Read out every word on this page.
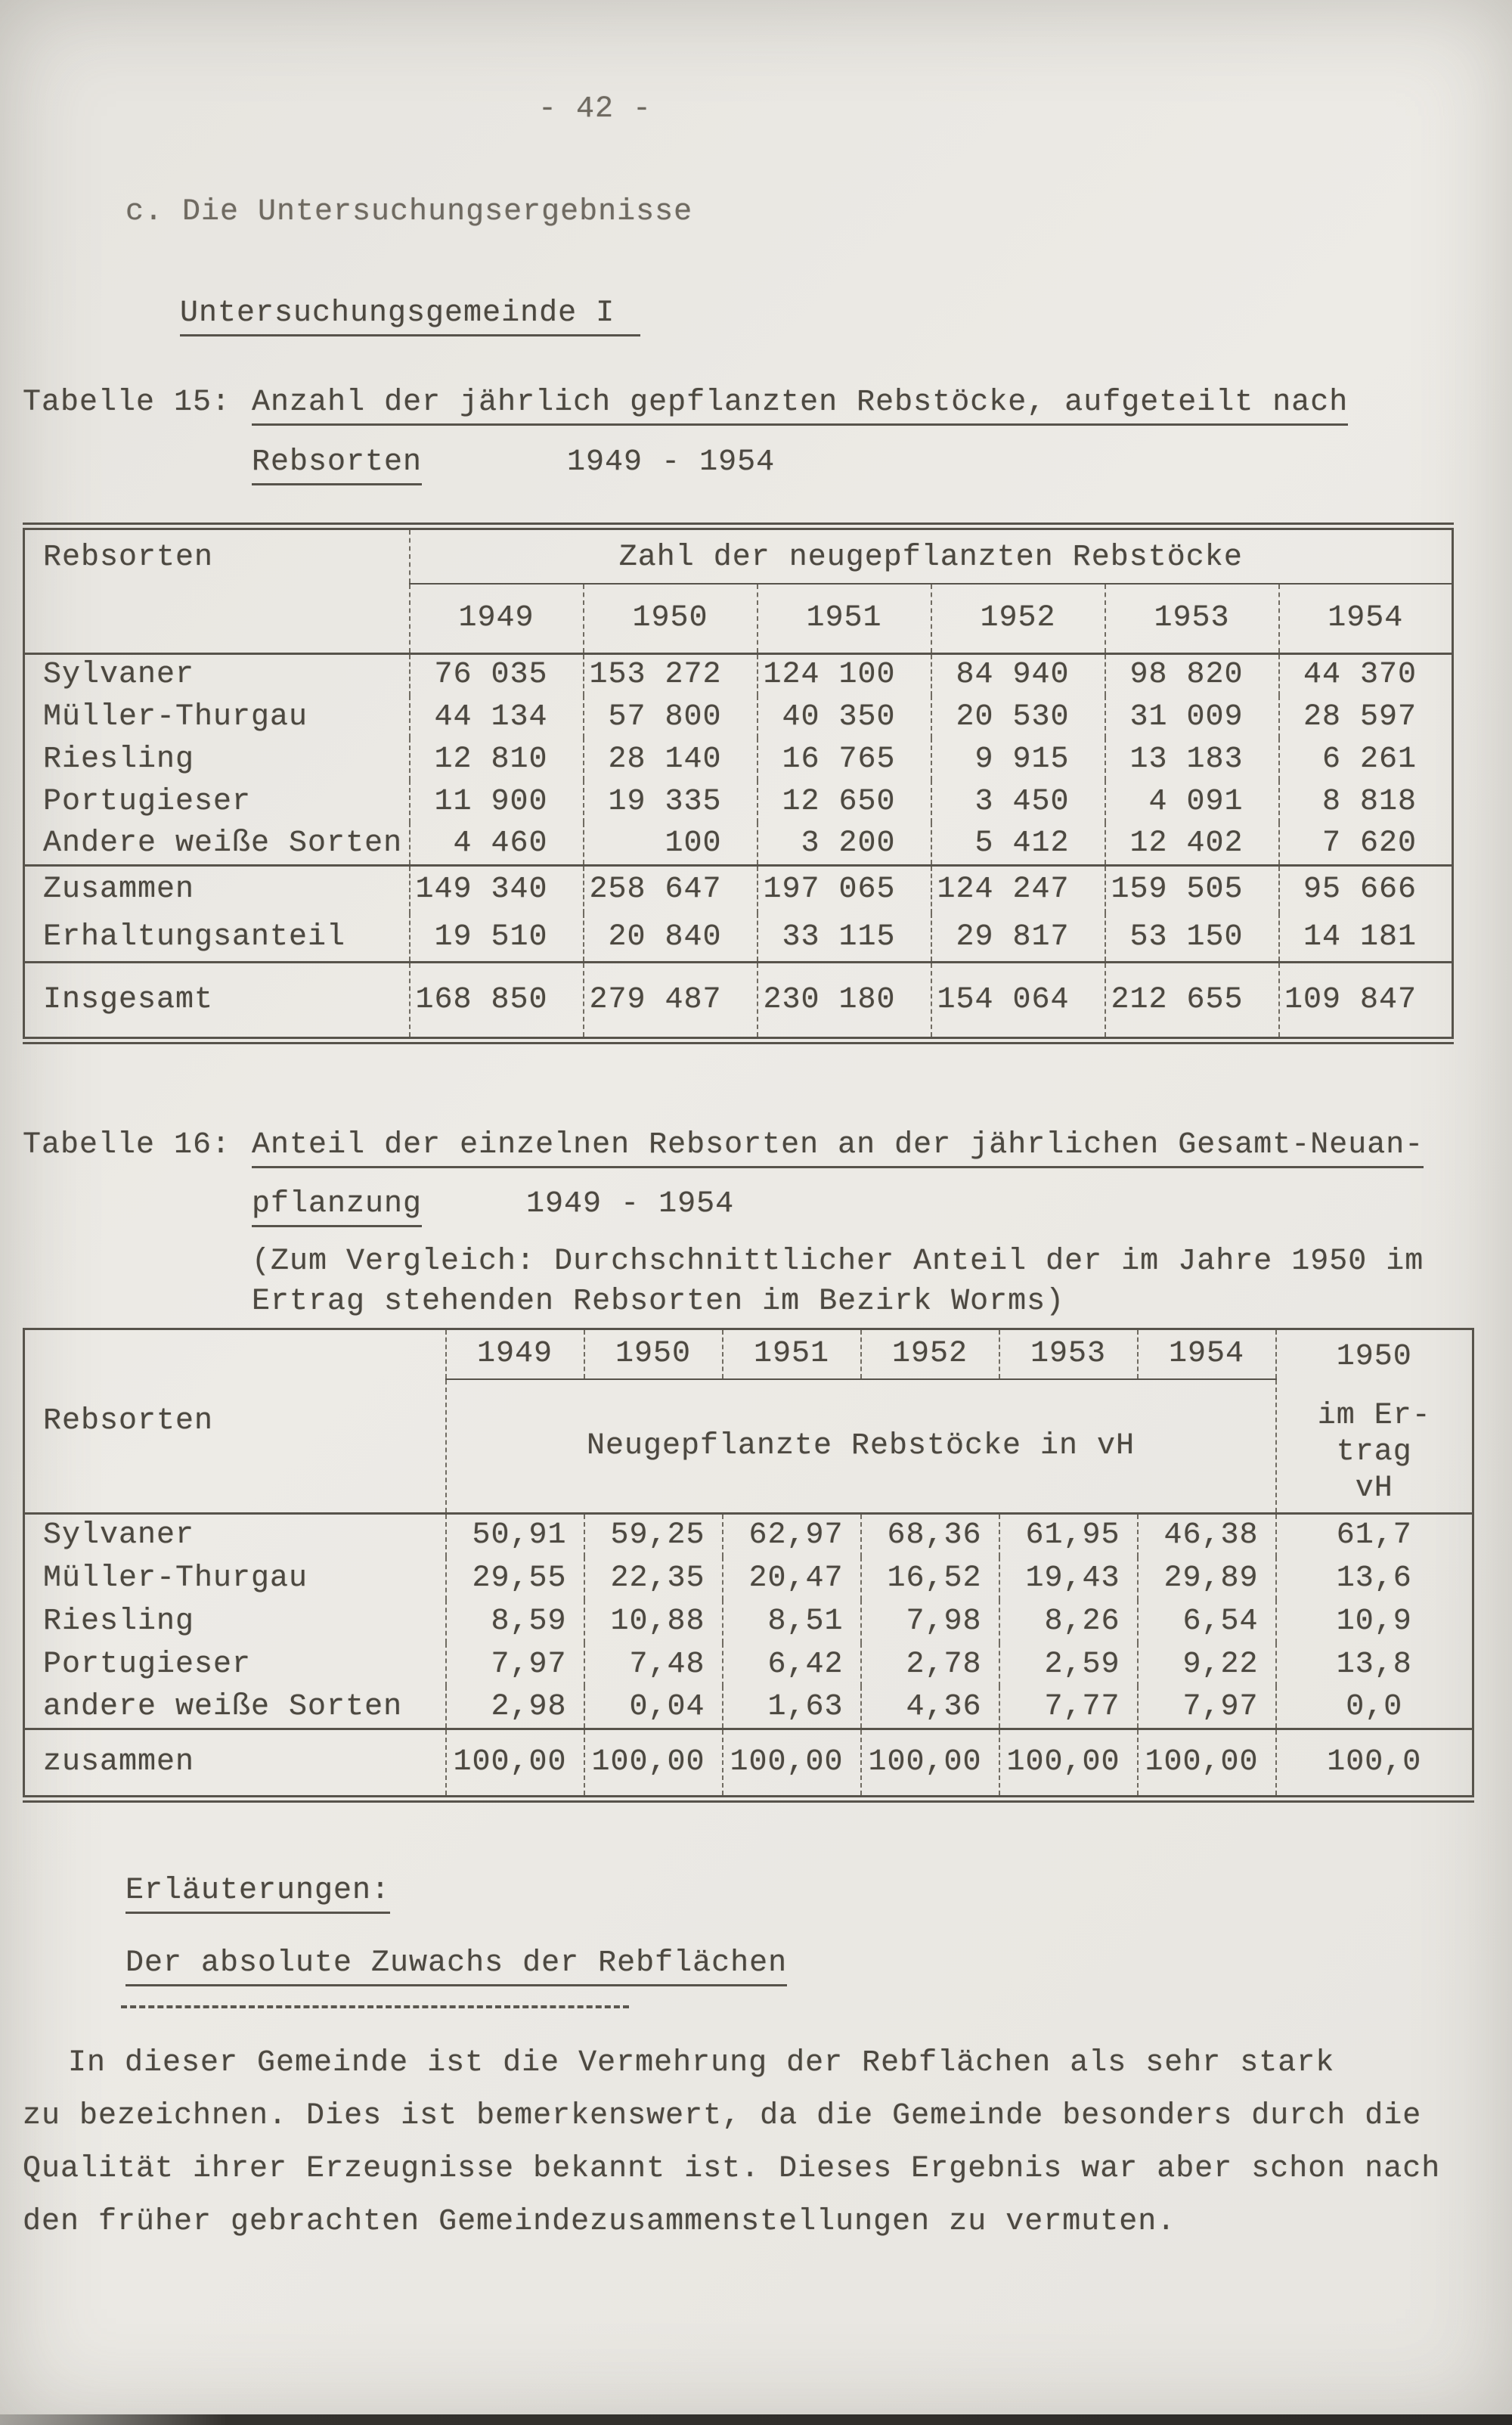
- 42 -
c. Die Untersuchungsergebnisse
Untersuchungsgemeinde I
Tabelle 15: Anzahl der jährlich gepflanzten Rebstöcke, aufgeteilt nach
Rebsorten	1949 - 1954
Rebsorten	Zahl der neugepflanzten Rebstöcke					
	1949	1950	1951	1952	1953	1954
Sylvaner	76 035	153 272	124 100	84 940	98 820	44 370
Müller-Thurgau	44 134	57 800	40 350	20 530	31 009	28 597
Riesling	12 810	28 140	16 765	9 915	13 183	6 261
Portugieser	11 900	19 335	12 650	3 450	4 091	8 818
Andere weiße Sorten	4 460	100	3 200	5 412	12 402	7 620
Zusammen	149 340	258 647	197 065	124 247	159 505	95 666
Erhaltungsanteil	19 510	20 840	33 115	29 817	53 150	14 181
Insgesamt	168 850	279 487	230 180	154 064	212 655	109 847
Tabelle 16: Anteil der einzelnen Rebsorten an der jährlichen Gesamt-Neuan-
pflanzung	1949 - 1954
(Zum Vergleich: Durchschnittlicher Anteil der im Jahre 1950 im
Ertrag stehenden Rebsorten im Bezirk Worms)
Rebsorten	1949	1950	1951	1952	1953	1954	1950
im Er-
trag
vH

	Neugepflanzte Rebstöcke in vH						
Sylvaner	50,91	59,25	62,97	68,36	61,95	46,38	61,7
Müller-Thurgau	29,55	22,35	20,47	16,52	19,43	29,89	13,6
Riesling	8,59	10,88	8,51	7,98	8,26	6,54	10,9
Portugieser	7,97	7,48	6,42	2,78	2,59	9,22	13,8
andere weiße Sorten	2,98	0,04	1,63	4,36	7,77	7,97	0,0
zusammen	100,00	100,00	100,00	100,00	100,00	100,00	100,0
Erläuterungen:
Der absolute Zuwachs der Rebflächen
In dieser Gemeinde ist die Vermehrung der Rebflächen als sehr stark
zu bezeichnen. Dies ist bemerkenswert, da die Gemeinde besonders durch die
Qualität ihrer Erzeugnisse bekannt ist. Dieses Ergebnis war aber schon nach
den früher gebrachten Gemeindezusammenstellungen zu vermuten.
